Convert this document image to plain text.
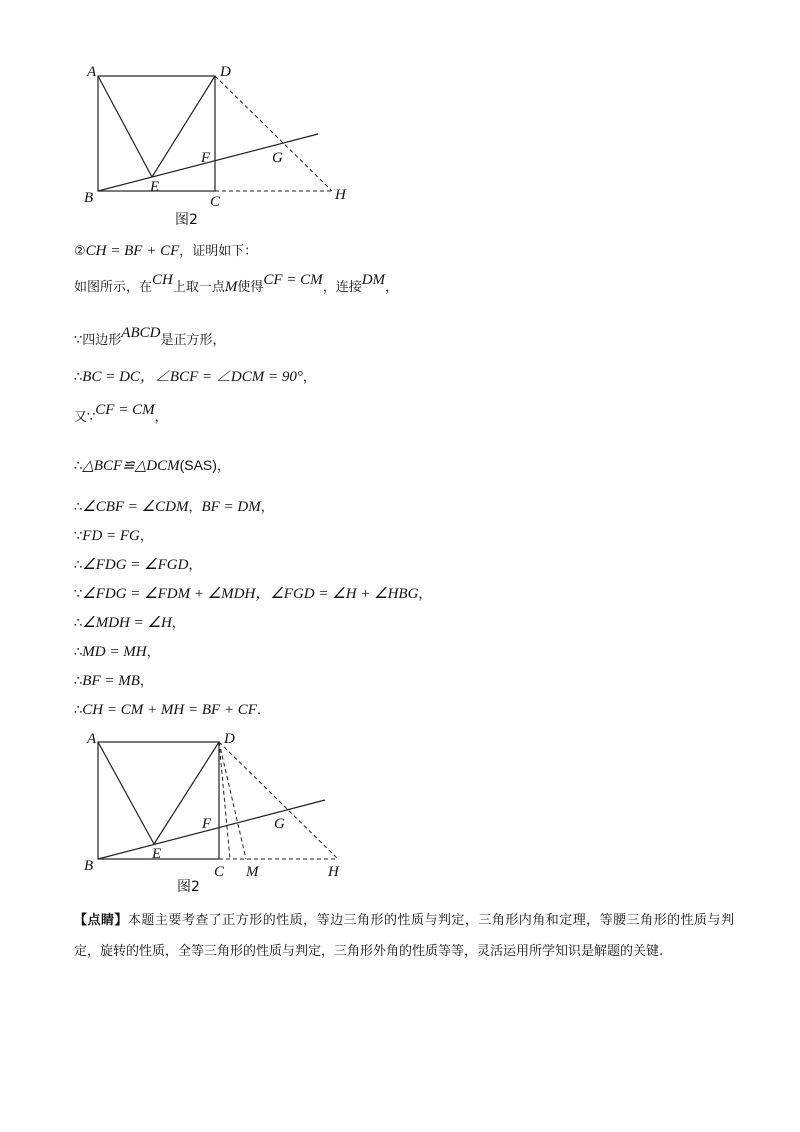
A	D
B	C
E
F	G
H
图2
②CH = BF + CF，证明如下：
如图所示，在CH上取一点M使得CF = CM，连接DM，
∵四边形ABCD是正方形，
∴BC = DC，∠BCF = ∠DCM = 90°，
又∵CF = CM，
∴△BCF≌△DCM(SAS)，
∴∠CBF = ∠CDM，BF = DM，
∵FD = FG，
∴∠FDG = ∠FGD，
∵∠FDG = ∠FDM + ∠MDH，∠FGD = ∠H + ∠HBG，
∴∠MDH = ∠H，
∴MD = MH，
∴BF = MB，
∴CH = CM + MH = BF + CF.
A	D
B	C
E
F	G
M	H
图2
【点睛】本题主要考查了正方形的性质，等边三角形的性质与判定，三角形内角和定理，等腰三角形的性质与判定，旋转的性质，全等三角形的性质与判定，三角形外角的性质等等，灵活运用所学知识是解题的关键.
